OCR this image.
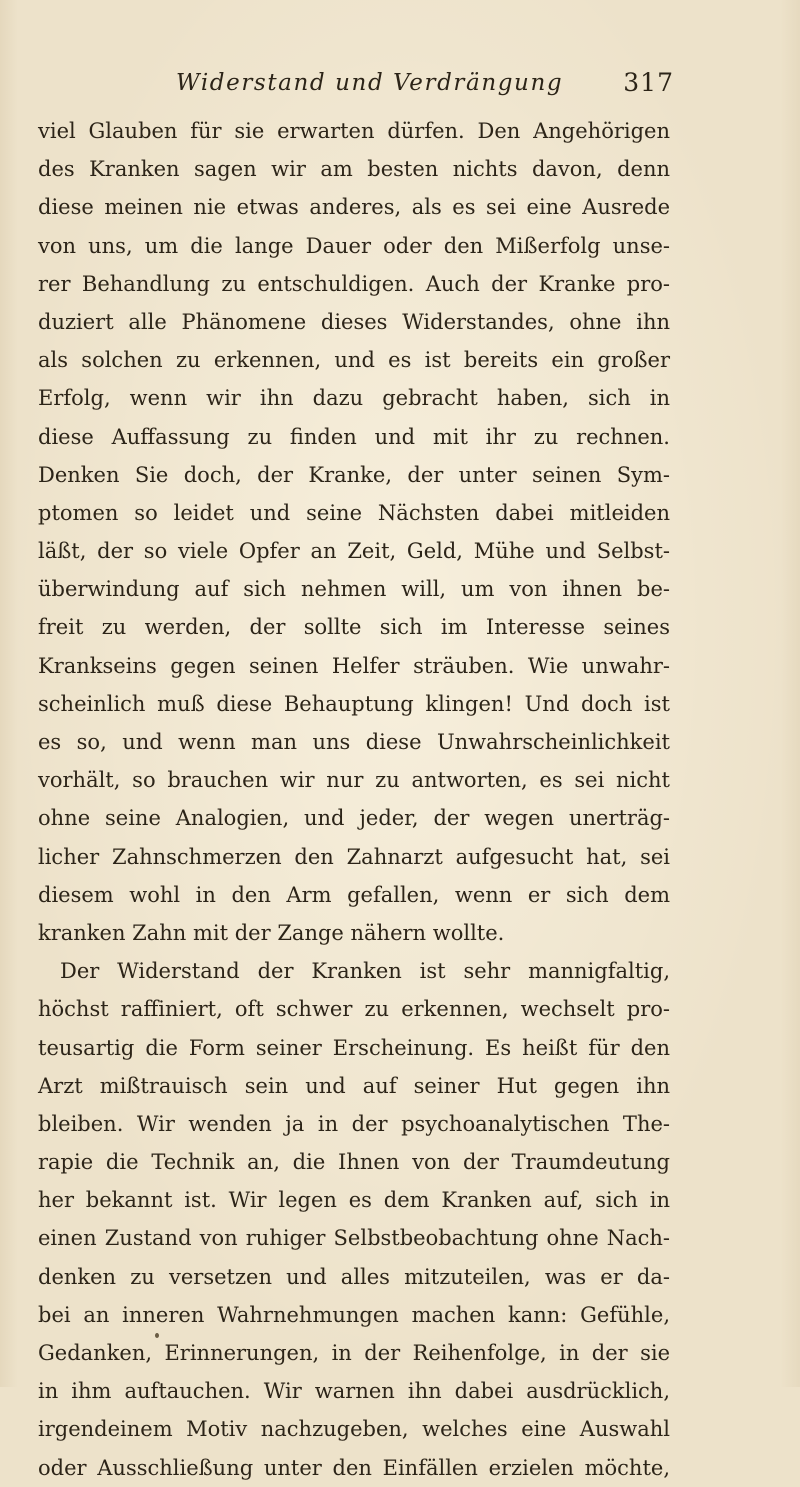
Widerstand und Verdrängung 317
viel Glauben für sie erwarten dürfen. Den Angehörigen
des Kranken sagen wir am besten nichts davon, denn
diese meinen nie etwas anderes, als es sei eine Ausrede
von uns, um die lange Dauer oder den Mißerfolg unse-
rer Behandlung zu entschuldigen. Auch der Kranke pro-
duziert alle Phänomene dieses Widerstandes, ohne ihn
als solchen zu erkennen, und es ist bereits ein großer
Erfolg, wenn wir ihn dazu gebracht haben, sich in
diese Auffassung zu finden und mit ihr zu rechnen.
Denken Sie doch, der Kranke, der unter seinen Sym-
ptomen so leidet und seine Nächsten dabei mitleiden
läßt, der so viele Opfer an Zeit, Geld, Mühe und Selbst-
überwindung auf sich nehmen will, um von ihnen be-
freit zu werden, der sollte sich im Interesse seines
Krankseins gegen seinen Helfer sträuben. Wie unwahr-
scheinlich muß diese Behauptung klingen! Und doch ist
es so, und wenn man uns diese Unwahrscheinlichkeit
vorhält, so brauchen wir nur zu antworten, es sei nicht
ohne seine Analogien, und jeder, der wegen unerträg-
licher Zahnschmerzen den Zahnarzt aufgesucht hat, sei
diesem wohl in den Arm gefallen, wenn er sich dem
kranken Zahn mit der Zange nähern wollte.
Der Widerstand der Kranken ist sehr mannigfaltig,
höchst raffiniert, oft schwer zu erkennen, wechselt pro-
teusartig die Form seiner Erscheinung. Es heißt für den
Arzt mißtrauisch sein und auf seiner Hut gegen ihn
bleiben. Wir wenden ja in der psychoanalytischen The-
rapie die Technik an, die Ihnen von der Traumdeutung
her bekannt ist. Wir legen es dem Kranken auf, sich in
einen Zustand von ruhiger Selbstbeobachtung ohne Nach-
denken zu versetzen und alles mitzuteilen, was er da-
bei an inneren Wahrnehmungen machen kann: Gefühle,
Gedanken, Erinnerungen, in der Reihenfolge, in der sie
in ihm auftauchen. Wir warnen ihn dabei ausdrücklich,
irgendeinem Motiv nachzugeben, welches eine Auswahl
oder Ausschließung unter den Einfällen erzielen möchte,
